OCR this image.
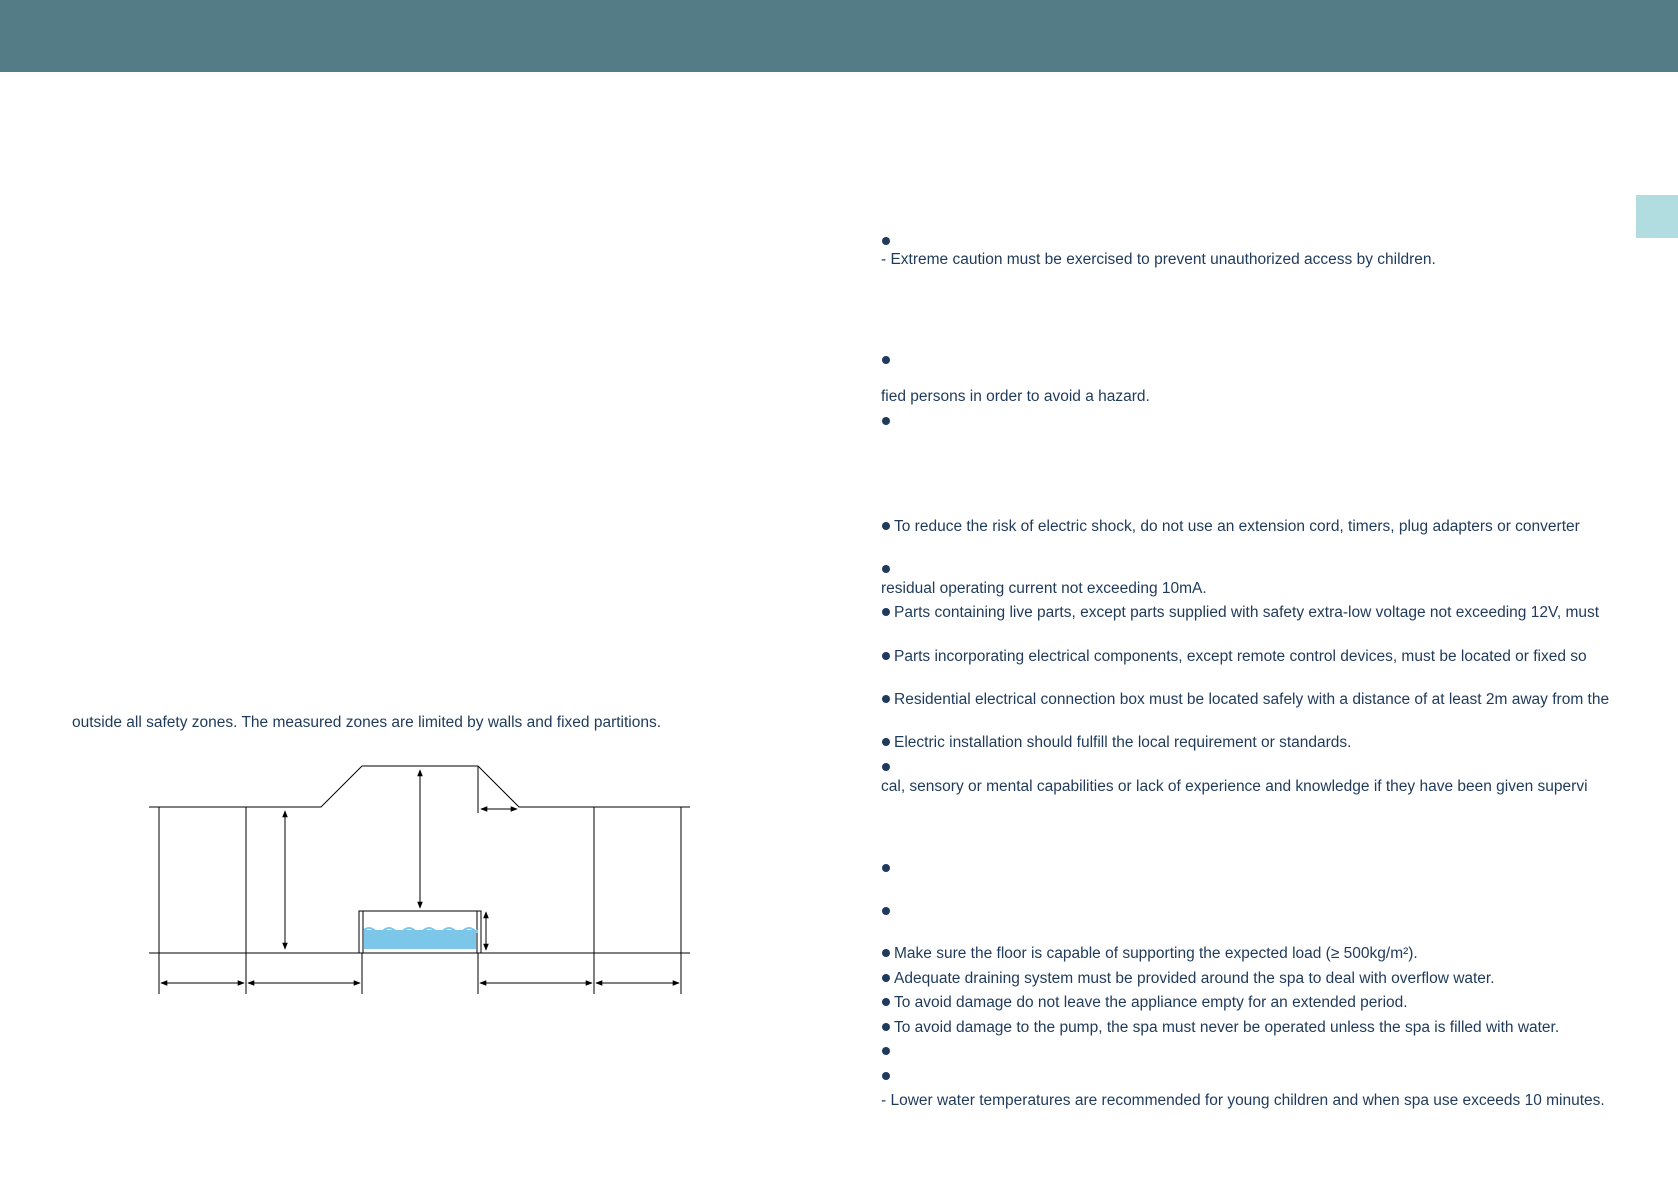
outside all safety zones. The measured zones are limited by walls and fixed partitions.
- Extreme caution must be exercised to prevent unauthorized access by children.
fied persons in order to avoid a hazard.
To reduce the risk of electric shock, do not use an extension cord, timers, plug adapters or converter
residual operating current not exceeding 10mA.
Parts containing live parts, except parts supplied with safety extra-low voltage not exceeding 12V, must
Parts incorporating electrical components, except remote control devices, must be located or fixed so
Residential electrical connection box must be located safely with a distance of at least 2m away from the
Electric installation should fulfill the local requirement or standards.
cal, sensory or mental capabilities or lack of experience and knowledge if they have been given supervi
Make sure the floor is capable of supporting the expected load (≥ 500kg/m²).
Adequate draining system must be provided around the spa to deal with overflow water.
To avoid damage do not leave the appliance empty for an extended period.
To avoid damage to the pump, the spa must never be operated unless the spa is filled with water.
- Lower water temperatures are recommended for young children and when spa use exceeds 10 minutes.
